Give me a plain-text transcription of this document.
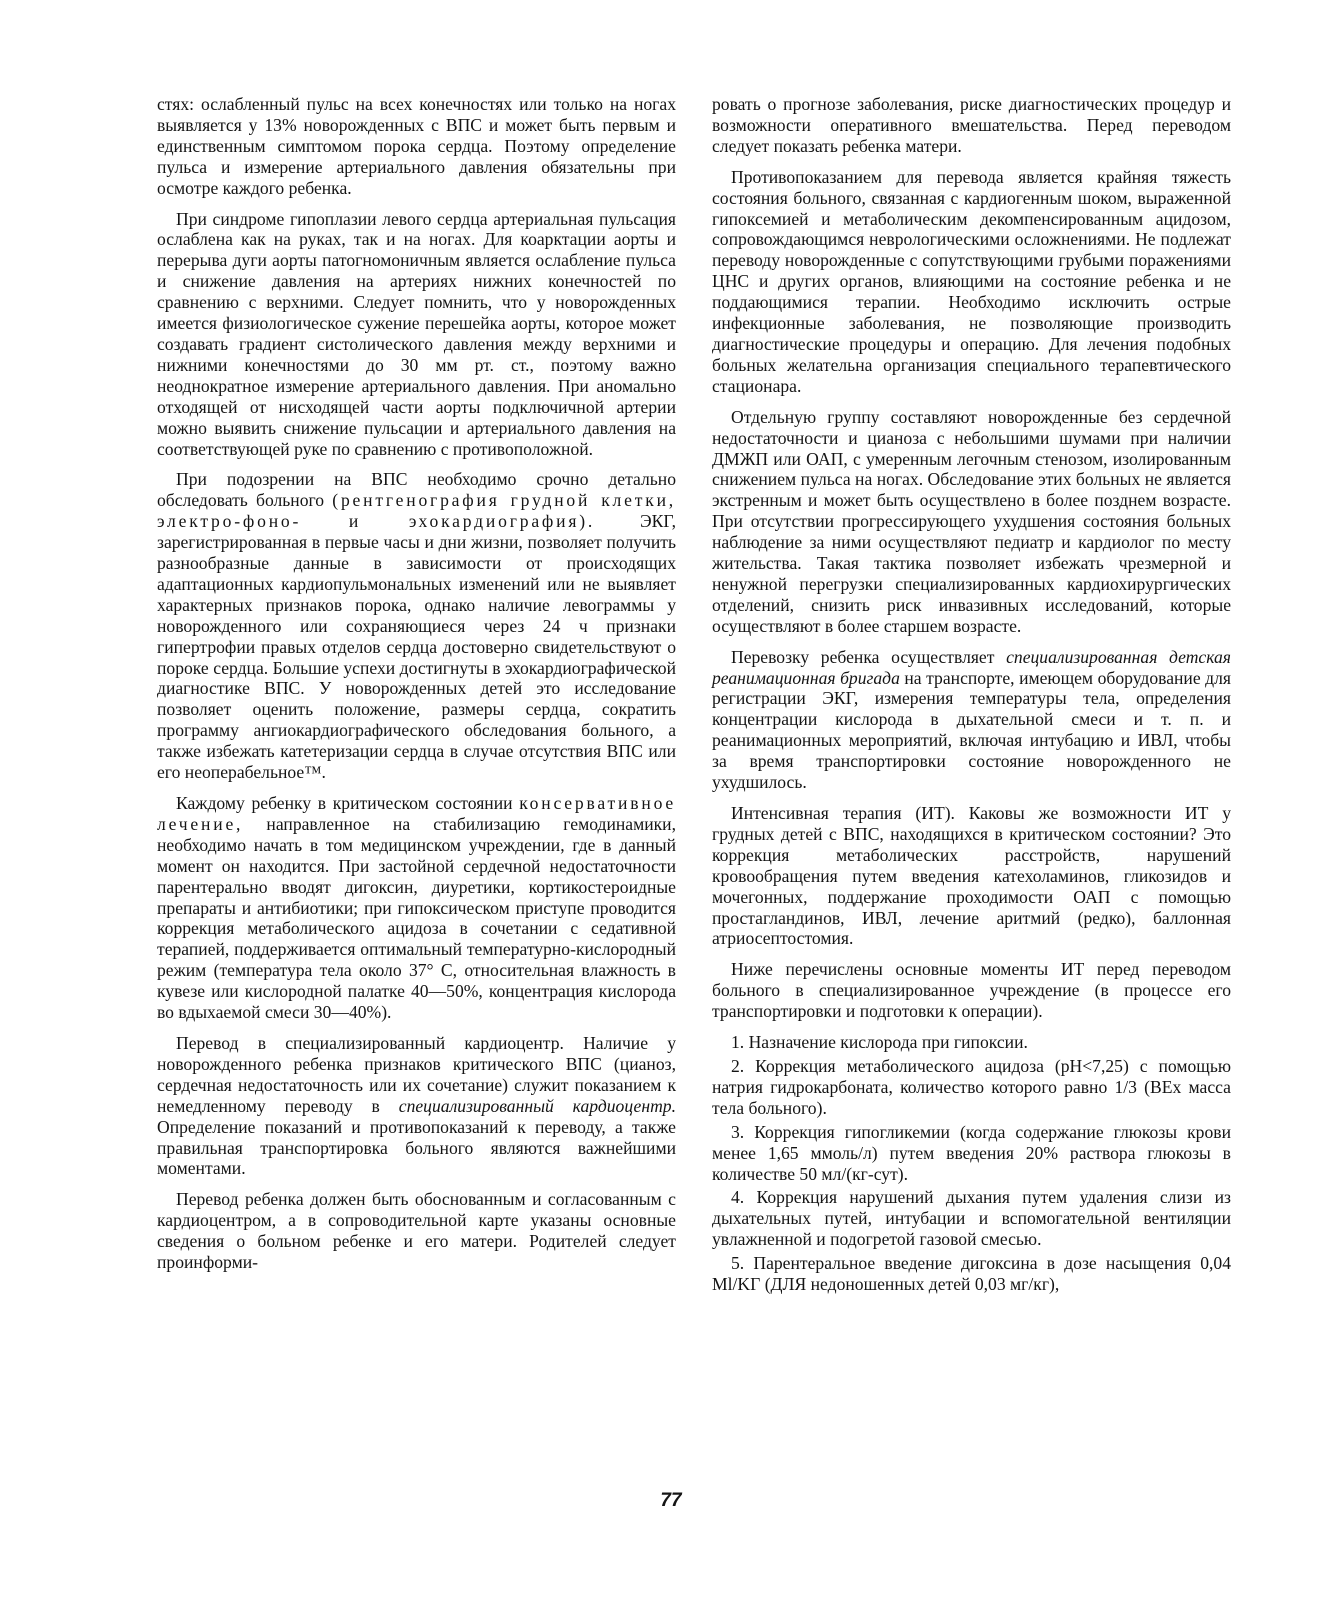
стях: ослабленный пульс на всех конечностях или только на ногах выявляется у 13% новорожденных с ВПС и может быть первым и единственным симптомом порока сердца. Поэтому определение пульса и измерение артериального давления обязательны при осмотре каждого ребенка.

При синдроме гипоплазии левого сердца артериальная пульсация ослаблена как на руках, так и на ногах. Для коарктации аорты и перерыва дуги аорты патогномоничным является ослабление пульса и снижение давления на артериях нижних конечностей по сравнению с верхними. Следует помнить, что у новорожденных имеется физиологическое сужение перешейка аорты, которое может создавать градиент систолического давления между верхними и нижними конечностями до 30 мм рт. ст., поэтому важно неоднократное измерение артериального давления. При аномально отходящей от нисходящей части аорты подключичной артерии можно выявить снижение пульсации и артериального давления на соответствующей руке по сравнению с противоположной.

При подозрении на ВПС необходимо срочно детально обследовать больного (рентгенография грудной клетки, электро-фоно- и эхокардиография). ЭКГ, зарегистрированная в первые часы и дни жизни, позволяет получить разнообразные данные в зависимости от происходящих адаптационных кардиопульмональных изменений или не выявляет характерных признаков порока, однако наличие левограммы у новорожденного или сохраняющиеся через 24 ч признаки гипертрофии правых отделов сердца достоверно свидетельствуют о пороке сердца. Большие успехи достигнуты в эхокардиографической диагностике ВПС. У новорожденных детей это исследование позволяет оценить положение, размеры сердца, сократить программу ангиокардиографического обследования больного, а также избежать катетеризации сердца в случае отсутствия ВПС или его неоперабельное™.

Каждому ребенку в критическом состоянии консервативное лечение, направленное на стабилизацию гемодинамики, необходимо начать в том медицинском учреждении, где в данный момент он находится. При застойной сердечной недостаточности парентерально вводят дигоксин, диуретики, кортикостероидные препараты и антибиотики; при гипоксическом приступе проводится коррекция метаболического ацидоза в сочетании с седативной терапией, поддерживается оптимальный температурно-кислородный режим (температура тела около 37° С, относительная влажность в кувезе или кислородной палатке 40—50%, концентрация кислорода во вдыхаемой смеси 30—40%).

Перевод в специализированный кардиоцентр. Наличие у новорожденного ребенка признаков критического ВПС (цианоз, сердечная недостаточность или их сочетание) служит показанием к немедленному переводу в специализированный кардиоцентр. Определение показаний и противопоказаний к переводу, а также правильная транспортировка больного являются важнейшими моментами.

Перевод ребенка должен быть обоснованным и согласованным с кардиоцентром, а в сопроводительной карте указаны основные сведения о больном ребенке и его матери. Родителей следует проинформи-

ровать о прогнозе заболевания, риске диагностических процедур и возможности оперативного вмешательства. Перед переводом следует показать ребенка матери.

Противопоказанием для перевода является крайняя тяжесть состояния больного, связанная с кардиогенным шоком, выраженной гипоксемией и метаболическим декомпенсированным ацидозом, сопровождающимся неврологическими осложнениями. Не подлежат переводу новорожденные с сопутствующими грубыми поражениями ЦНС и других органов, влияющими на состояние ребенка и не поддающимися терапии. Необходимо исключить острые инфекционные заболевания, не позволяющие производить диагностические процедуры и операцию. Для лечения подобных больных желательна организация специального терапевтического стационара.

Отдельную группу составляют новорожденные без сердечной недостаточности и цианоза с небольшими шумами при наличии ДМЖП или ОАП, с умеренным легочным стенозом, изолированным снижением пульса на ногах. Обследование этих больных не является экстренным и может быть осуществлено в более позднем возрасте. При отсутствии прогрессирующего ухудшения состояния больных наблюдение за ними осуществляют педиатр и кардиолог по месту жительства. Такая тактика позволяет избежать чрезмерной и ненужной перегрузки специализированных кардиохирургических отделений, снизить риск инвазивных исследований, которые осуществляют в более старшем возрасте.

Перевозку ребенка осуществляет специализированная детская реанимационная бригада на транспорте, имеющем оборудование для регистрации ЭКГ, измерения температуры тела, определения концентрации кислорода в дыхательной смеси и т. п. и реанимационных мероприятий, включая интубацию и ИВЛ, чтобы за время транспортировки состояние новорожденного не ухудшилось.

Интенсивная терапия (ИТ). Каковы же возможности ИТ у грудных детей с ВПС, находящихся в критическом состоянии? Это коррекция метаболических расстройств, нарушений кровообращения путем введения катехоламинов, гликозидов и мочегонных, поддержание проходимости ОАП с помощью простагландинов, ИВЛ, лечение аритмий (редко), баллонная атриосептостомия.

Ниже перечислены основные моменты ИТ перед переводом больного в специализированное учреждение (в процессе его транспортировки и подготовки к операции).

1. Назначение кислорода при гипоксии.

2. Коррекция метаболического ацидоза (рН<7,25) с помощью натрия гидрокарбоната, количество которого равно 1/3 (BEx масса тела больного).

3. Коррекция гипогликемии (когда содержание глюкозы крови менее 1,65 ммоль/л) путем введения 20% раствора глюкозы в количестве 50 мл/(кг-сут).

4. Коррекция нарушений дыхания путем удаления слизи из дыхательных путей, интубации и вспомогательной вентиляции увлажненной и подогретой газовой смесью.

5. Парентеральное введение дигоксина в дозе насыщения 0,04 Ml/KГ (ДЛЯ недоношенных детей 0,03 мг/кг),

77
